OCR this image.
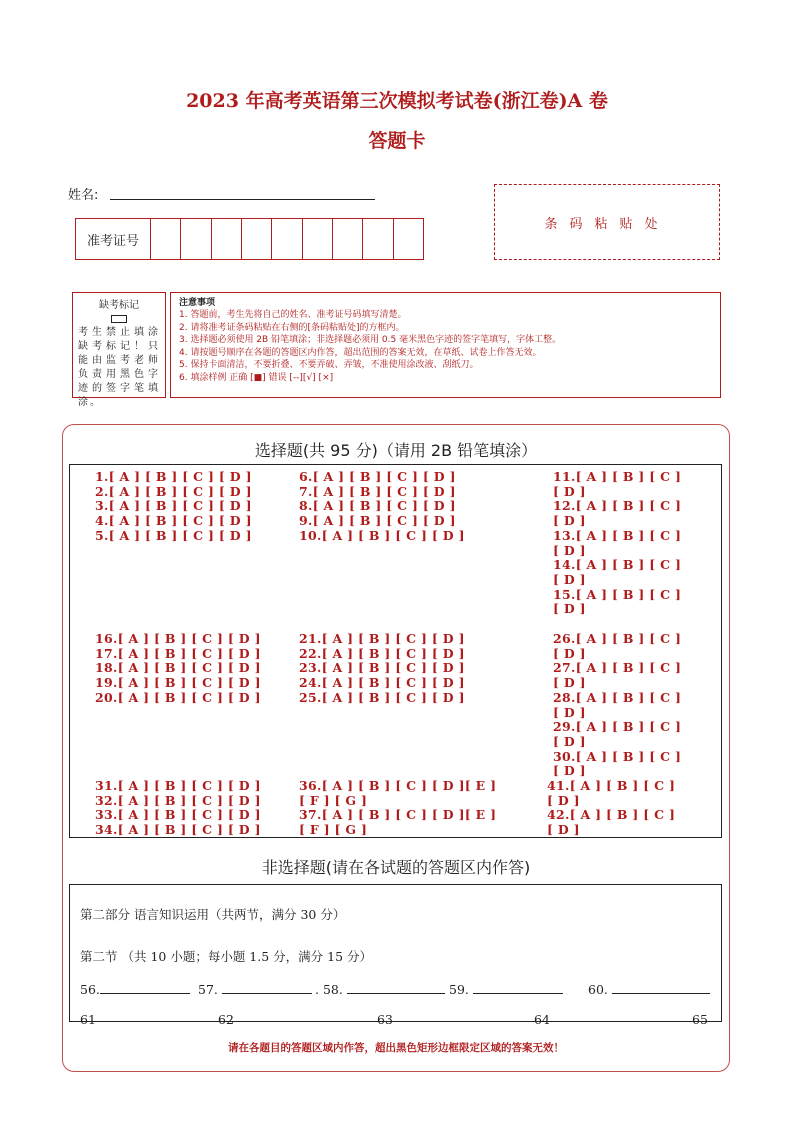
2023 年高考英语第三次模拟考试卷(浙江卷)A 卷
答题卡
姓名:
准考证号
条码粘贴处
缺考标记
考生禁止填涂缺考标记！只能由监考老师负责用黑色字迹的签字笔填涂。
注意事项
1. 答题前，考生先将自己的姓名、准考证号码填写清楚。
2. 请将准考证条码粘贴在右侧的[条码粘贴处]的方框内。
3. 选择题必须使用 2B 铅笔填涂；非选择题必须用 0.5 毫米黑色字迹的签字笔填写，字体工整。
4. 请按题号顺序在各题的答题区内作答，超出范围的答案无效，在草纸、试卷上作答无效。
5. 保持卡面清洁，不要折叠、不要弄破、弄皱，不准使用涂改液、刮纸刀。
6. 填涂样例 正确 [■] 错误 [--][√] [×]
选择题(共 95 分)（请用 2B 铅笔填涂）
1.[ A ] [ B ] [ C ] [ D ]
2.[ A ] [ B ] [ C ] [ D ]
3.[ A ] [ B ] [ C ] [ D ]
4.[ A ] [ B ] [ C ] [ D ]
5.[ A ] [ B ] [ C ] [ D ]
6.[ A ] [ B ] [ C ] [ D ]
7.[ A ] [ B ] [ C ] [ D ]
8.[ A ] [ B ] [ C ] [ D ]
9.[ A ] [ B ] [ C ] [ D ]
10.[ A ] [ B ] [ C ] [ D ]
11.[ A ] [ B ] [ C ]
[ D ]
12.[ A ] [ B ] [ C ]
[ D ]
13.[ A ] [ B ] [ C ]
[ D ]
14.[ A ] [ B ] [ C ]
[ D ]
15.[ A ] [ B ] [ C ]
[ D ]
16.[ A ] [ B ] [ C ] [ D ]
17.[ A ] [ B ] [ C ] [ D ]
18.[ A ] [ B ] [ C ] [ D ]
19.[ A ] [ B ] [ C ] [ D ]
20.[ A ] [ B ] [ C ] [ D ]
21.[ A ] [ B ] [ C ] [ D ]
22.[ A ] [ B ] [ C ] [ D ]
23.[ A ] [ B ] [ C ] [ D ]
24.[ A ] [ B ] [ C ] [ D ]
25.[ A ] [ B ] [ C ] [ D ]
26.[ A ] [ B ] [ C ]
[ D ]
27.[ A ] [ B ] [ C ]
[ D ]
28.[ A ] [ B ] [ C ]
[ D ]
29.[ A ] [ B ] [ C ]
[ D ]
30.[ A ] [ B ] [ C ]
[ D ]
31.[ A ] [ B ] [ C ] [ D ]
32.[ A ] [ B ] [ C ] [ D ]
33.[ A ] [ B ] [ C ] [ D ]
34.[ A ] [ B ] [ C ] [ D ]
36.[ A ] [ B ] [ C ] [ D ][ E ]
[ F ] [ G ]
37.[ A ] [ B ] [ C ] [ D ][ E ]
[ F ] [ G ]
41.[ A ] [ B ] [ C ]
[ D ]
42.[ A ] [ B ] [ C ]
[ D ]
非选择题(请在各试题的答题区内作答)
第二部分 语言知识运用（共两节，满分 30 分）
第二节 （共 10 小题；每小题 1.5 分，满分 15 分）
56.	57.	. 58.	59.	60.
61	62	63	64	65
请在各题目的答题区域内作答，超出黑色矩形边框限定区域的答案无效！
